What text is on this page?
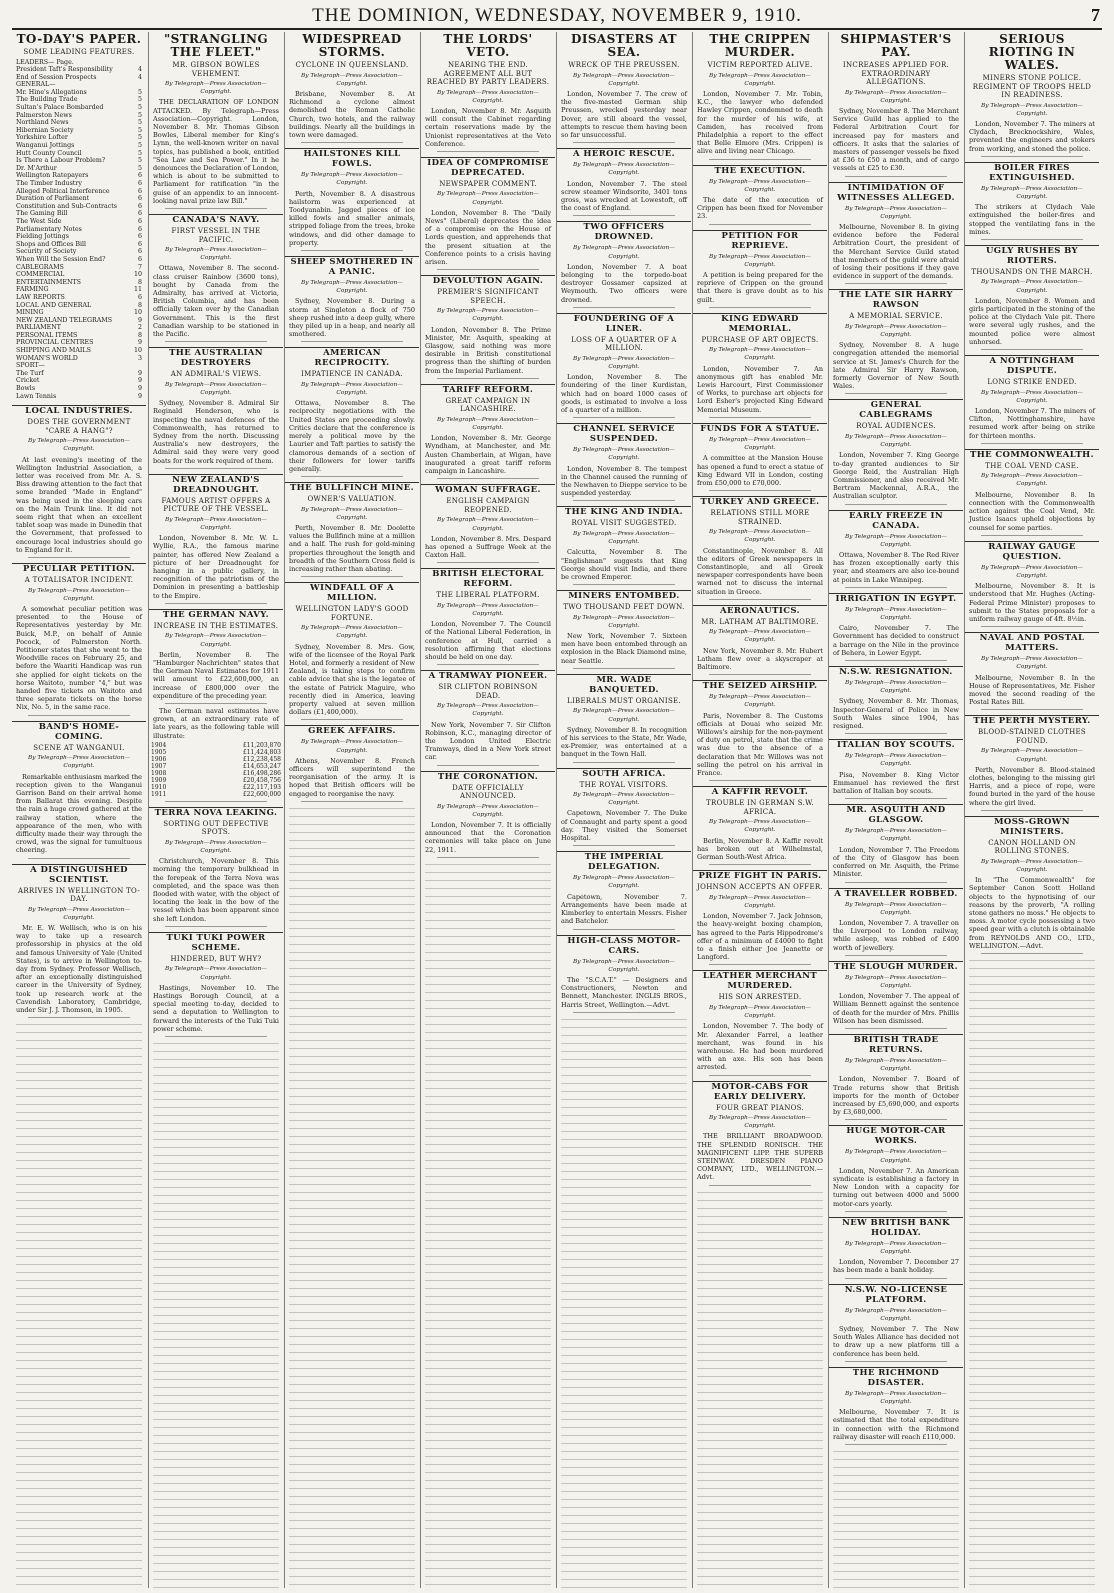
THE DOMINION, WEDNESDAY, NOVEMBER 9, 1910.	7
TO-DAY'S PAPER.
SOME LEADING FEATURES.
LEADERS— Page.
President Taft's Responsibility	4
End of Session Prospects	4
GENERAL—
Mr. Hine's Allegations	5
The Building Trade	5
Sultan's Palace Bombarded	5
Palmerston News	5
Northland News	5
Hibernian Society	5
Yorkshire Lofter	5
Wanganui Jottings	5
Hutt County Council	5
Is There a Labour Problem?	5
Dr. M'Arthur	5
Wellington Ratepayers	6
The Timber Industry	6
Alleged Political Interference	6
Duration of Parliament	6
Constitution and Sub-Contracts	6
The Gaming Bill	6
The West Side	6
Parliamentary Notes	6
Fielding Jottings	6
Shops and Offices Bill	6
Security of Society	6
When Will the Session End?	6
CABLEGRAMS	7
COMMERCIAL	10
ENTERTAINMENTS	8
FARMING	11
LAW REPORTS	6
LOCAL AND GENERAL	8
MINING	10
NEW ZEALAND TELEGRAMS	9
PARLIAMENT	2
PERSONAL ITEMS	8
PROVINCIAL CENTRES	9
SHIPPING AND MAILS	10
WOMAN'S WORLD	3
SPORT—
The Turf	9
Cricket	9
Bowls	9
Lawn Tennis	9
LOCAL INDUSTRIES.
DOES THE GOVERNMENT "CARE A HANG"?

By Telegraph—Press Association—Copyright.

At last evening's meeting of the Wellington Industrial Association, a letter was received from Mr. A. S. Biss drawing attention to the fact that some branded "Made in England" was being used in the sleeping cars on the Main Trunk line. It did not seem right that when an excellent tablet soap was made in Dunedin that the Government, that professed to encourage local industries should go to England for it.

PECULIAR PETITION.
A TOTALISATOR INCIDENT.

By Telegraph—Press Association—Copyright.

A somewhat peculiar petition was presented to the House of Representatives yesterday by Mr. Buick, M.P., on behalf of Annie Pocock, of Palmerston North. Petitioner states that she went to the Woodville races on February 25, and before the Waariti Handicap was run she applied for eight tickets on the horse Waitoto, number "4," but was handed five tickets on Waitoto and three separate tickets on the horse Nix, No. 5, in the same race.

BAND'S HOME-COMING.
SCENE AT WANGANUI.

By Telegraph—Press Association—Copyright.

Remarkable enthusiasm marked the reception given to the Wanganui Garrison Band on their arrival home from Ballarat this evening. Despite the rain a huge crowd gathered at the railway station, where the appearance of the men, who with difficulty made their way through the crowd, was the signal for tumultuous cheering.

A DISTINGUISHED SCIENTIST.
ARRIVES IN WELLINGTON TO-DAY.

By Telegraph—Press Association—Copyright.

Mr. E. W. Wellisch, who is on his way to take up a research professorship in physics at the old and famous University of Yale (United States), is to arrive in Wellington to-day from Sydney. Professor Wellisch, after an exceptionally distinguished career in the University of Sydney, took up research work at the Cavendish Laboratory, Cambridge, under Sir J. J. Thomson, in 1905.

"STRANGLING THE FLEET."
MR. GIBSON BOWLES VEHEMENT.

By Telegraph—Press Association—Copyright.

THE DECLARATION OF LONDON ATTACKED. By Telegraph—Press Association—Copyright. London, November 8. Mr. Thomas Gibson Bowles, Liberal member for King's Lynn, the well-known writer on naval topics, has published a book, entitled "Sea Law and Sea Power." In it he denounces the Declaration of London, which is about to be submitted to Parliament for ratification "in the guise of an appendix to an innocent-looking naval prize law Bill."

CANADA'S NAVY.
FIRST VESSEL IN THE PACIFIC.

By Telegraph—Press Association—Copyright.

Ottawa, November 8. The second-class cruiser Rainbow (3600 tons), bought by Canada from the Admiralty, has arrived at Victoria, British Columbia, and has been officially taken over by the Canadian Government. This is the first Canadian warship to be stationed in the Pacific.

THE AUSTRALIAN DESTROYERS
AN ADMIRAL'S VIEWS.

By Telegraph—Press Association—Copyright.

Sydney, November 8. Admiral Sir Reginald Henderson, who is inspecting the naval defences of the Commonwealth, has returned to Sydney from the north. Discussing Australia's new destroyers, the Admiral said they were very good boats for the work required of them.

NEW ZEALAND'S DREADNOUGHT.
FAMOUS ARTIST OFFERS A PICTURE OF THE VESSEL.

By Telegraph—Press Association—Copyright.

London, November 8. Mr. W. L. Wyllie, R.A., the famous marine painter, has offered New Zealand a picture of her Dreadnought for hanging in a public gallery, in recognition of the patriotism of the Dominion in presenting a battleship to the Empire.

THE GERMAN NAVY.
INCREASE IN THE ESTIMATES.

By Telegraph—Press Association—Copyright.

Berlin, November 8. The "Hamburger Nachrichten" states that the German Naval Estimates for 1911 will amount to £22,600,000, an increase of £800,000 over the expenditure of the preceding year.

The German naval estimates have grown, at an extraordinary rate of late years, as the following table will illustrate:

1904	£11,203,870
1905	£11,424,803
1906	£12,238,458
1907	£14,653,247
1908	£16,498,286
1909	£20,458,756
1910	£22,117,193
1911	£22,600,000
TERRA NOVA LEAKING.
SORTING OUT DEFECTIVE SPOTS.

By Telegraph—Press Association—Copyright.

Christchurch, November 8. This morning the temporary bulkhead in the forepeak of the Terra Nova was completed, and the space was then flooded with water, with the object of locating the leak in the bow of the vessel which has been apparent since she left London.

TUKI TUKI POWER SCHEME.
HINDERED, BUT WHY?

By Telegraph—Press Association—Copyright.

Hastings, November 10. The Hastings Borough Council, at a special meeting to-day, decided to send a deputation to Wellington to forward the interests of the Tuki Tuki power scheme.

WIDESPREAD STORMS.
CYCLONE IN QUEENSLAND.

By Telegraph—Press Association—Copyright.

Brisbane, November 8. At Richmond a cyclone almost demolished the Roman Catholic Church, two hotels, and the railway buildings. Nearly all the buildings in town were damaged.

HAILSTONES KILL FOWLS.

By Telegraph—Press Association—Copyright.

Perth, November 8. A disastrous hailstorm was experienced at Toodyanabin. Jagged pieces of ice killed fowls and smaller animals, stripped foliage from the trees, broke windows, and did other damage to property.

SHEEP SMOTHERED IN A PANIC.

By Telegraph—Press Association—Copyright.

Sydney, November 8. During a storm at Singleton a flock of 750 sheep rushed into a deep gully, where they piled up in a heap, and nearly all smothered.

AMERICAN RECIPROCITY.
IMPATIENCE IN CANADA.

By Telegraph—Press Association—Copyright.

Ottawa, November 8. The reciprocity negotiations with the United States are proceeding slowly. Critics declare that the conference is merely a political move by the Laurier and Taft parties to satisfy the clamorous demands of a section of their followers for lower tariffs generally.

THE BULLFINCH MINE.
OWNER'S VALUATION.

By Telegraph—Press Association—Copyright.

Perth, November 8. Mr. Doolette values the Bullfinch mine at a million and a half. The rush for gold-mining properties throughout the length and breadth of the Southern Cross field is increasing rather than abating.

WINDFALL OF A MILLION.
WELLINGTON LADY'S GOOD FORTUNE.

By Telegraph—Press Association—Copyright.

Sydney, November 8. Mrs. Gow, wife of the licensee of the Royal Park Hotel, and formerly a resident of New Zealand, is taking steps to confirm cable advice that she is the legatee of the estate of Patrick Maguire, who recently died in America, leaving property valued at seven million dollars (£1,400,000).

GREEK AFFAIRS.

By Telegraph—Press Association—Copyright.

Athens, November 8. French officers will superintend the reorganisation of the army. It is hoped that British officers will be engaged to reorganise the navy.

THE LORDS' VETO.
NEARING THE END. AGREEMENT ALL BUT REACHED BY PARTY LEADERS.

By Telegraph—Press Association—Copyright.

London, November 8. Mr. Asquith will consult the Cabinet regarding certain reservations made by the Unionist representatives at the Veto Conference.

IDEA OF COMPROMISE DEPRECATED.
NEWSPAPER COMMENT.

By Telegraph—Press Association—Copyright.

London, November 8. The "Daily News" (Liberal) deprecates the idea of a compromise on the House of Lords question, and apprehends that the present situation at the Conference points to a crisis having arisen.

DEVOLUTION AGAIN.
PREMIER'S SIGNIFICANT SPEECH.

By Telegraph—Press Association—Copyright.

London, November 8. The Prime Minister, Mr. Asquith, speaking at Glasgow, said nothing was more desirable in British constitutional progress than the shifting of burden from the Imperial Parliament.

TARIFF REFORM.
GREAT CAMPAIGN IN LANCASHIRE.

By Telegraph—Press Association—Copyright.

London, November 8. Mr. George Wyndham, at Manchester, and Mr. Austen Chamberlain, at Wigan, have inaugurated a great tariff reform campaign in Lancashire.

WOMAN SUFFRAGE.
ENGLISH CAMPAIGN REOPENED.

By Telegraph—Press Association—Copyright.

London, November 8. Mrs. Despard has opened a Suffrage Week at the Caxton Hall.

BRITISH ELECTORAL REFORM.
THE LIBERAL PLATFORM.

By Telegraph—Press Association—Copyright.

London, November 7. The Council of the National Liberal Federation, in conference at Hull, carried a resolution affirming that elections should be held on one day.

A TRAMWAY PIONEER.
SIR CLIFTON ROBINSON DEAD.

By Telegraph—Press Association—Copyright.

New York, November 7. Sir Clifton Robinson, K.C., managing director of the London United Electric Tramways, died in a New York street car.

THE CORONATION.
DATE OFFICIALLY ANNOUNCED.

By Telegraph—Press Association—Copyright.

London, November 7. It is officially announced that the Coronation ceremonies will take place on June 22, 1911.

DISASTERS AT SEA.
WRECK OF THE PREUSSEN.

By Telegraph—Press Association—Copyright.

London, November 7. The crew of the five-masted German ship Preussen, wrecked yesterday near Dover, are still aboard the vessel, attempts to rescue them having been so far unsuccessful.

A HEROIC RESCUE.

By Telegraph—Press Association—Copyright.

London, November 7. The steel screw steamer Windsorite, 3401 tons gross, was wrecked at Lowestoft, off the coast of England.

TWO OFFICERS DROWNED.

By Telegraph—Press Association—Copyright.

London, November 7. A boat belonging to the torpedo-boat destroyer Gossamer capsized at Weymouth. Two officers were drowned.

FOUNDERING OF A LINER.
LOSS OF A QUARTER OF A MILLION.

By Telegraph—Press Association—Copyright.

London, November 8. The foundering of the liner Kurdistan, which had on board 1000 cases of goods, is estimated to involve a loss of a quarter of a million.

CHANNEL SERVICE SUSPENDED.

By Telegraph—Press Association—Copyright.

London, November 8. The tempest in the Channel caused the running of the Newhaven to Dieppe service to be suspended yesterday.

THE KING AND INDIA.
ROYAL VISIT SUGGESTED.

By Telegraph—Press Association—Copyright.

Calcutta, November 8. The "Englishman" suggests that King George should visit India, and there be crowned Emperor.

MINERS ENTOMBED.
TWO THOUSAND FEET DOWN.

By Telegraph—Press Association—Copyright.

New York, November 7. Sixteen men have been entombed through an explosion in the Black Diamond mine, near Seattle.

MR. WADE BANQUETED.
LIBERALS MUST ORGANISE.

By Telegraph—Press Association—Copyright.

Sydney, November 8. In recognition of his services to the State, Mr. Wade, ex-Premier, was entertained at a banquet in the Town Hall.

SOUTH AFRICA.
THE ROYAL VISITORS.

By Telegraph—Press Association—Copyright.

Capetown, November 7. The Duke of Connaught and party spent a good day. They visited the Somerset Hospital.

THE IMPERIAL DELEGATION.

By Telegraph—Press Association—Copyright.

Capetown, November 7. Arrangements have been made at Kimberley to entertain Messrs. Fisher and Batchelor.

HIGH-CLASS MOTOR-CARS.

By Telegraph—Press Association—Copyright.

The "S.C.A.T." — Designers and Constructioners, Newton and Bennett, Manchester. INGLIS BROS., Harris Street, Wellington.—Advt.

THE CRIPPEN MURDER.
VICTIM REPORTED ALIVE.

By Telegraph—Press Association—Copyright.

London, November 7. Mr. Tobin, K.C., the lawyer who defended Hawley Crippen, condemned to death for the murder of his wife, at Camden, has received from Philadelphia a report to the effect that Belle Elmore (Mrs. Crippen) is alive and living near Chicago.

THE EXECUTION.

By Telegraph—Press Association—Copyright.

The date of the execution of Crippen has been fixed for November 23.

PETITION FOR REPRIEVE.

By Telegraph—Press Association—Copyright.

A petition is being prepared for the reprieve of Crippen on the ground that there is grave doubt as to his guilt.

KING EDWARD MEMORIAL.
PURCHASE OF ART OBJECTS.

By Telegraph—Press Association—Copyright.

London, November 7. An anonymous gift has enabled Mr. Lewis Harcourt, First Commissioner of Works, to purchase art objects for Lord Esher's projected King Edward Memorial Museum.

FUNDS FOR A STATUE.

By Telegraph—Press Association—Copyright.

A committee at the Mansion House has opened a fund to erect a statue of King Edward VII in London, costing from £50,000 to £70,000.

TURKEY AND GREECE.
RELATIONS STILL MORE STRAINED.

By Telegraph—Press Association—Copyright.

Constantinople, November 8. All the editors of Greek newspapers in Constantinople, and all Greek newspaper correspondents have been warned not to discuss the internal situation in Greece.

AERONAUTICS.
MR. LATHAM AT BALTIMORE.

By Telegraph—Press Association—Copyright.

New York, November 8. Mr. Hubert Latham flew over a skyscraper at Baltimore.

THE SEIZED AIRSHIP.

By Telegraph—Press Association—Copyright.

Paris, November 8. The Customs officials at Douai who seized Mr. Willows's airship for the non-payment of duty on petrol, state that the crime was due to the absence of a declaration that Mr. Willows was not selling the petrol on his arrival in France.

A KAFFIR REVOLT.
TROUBLE IN GERMAN S.W. AFRICA.

By Telegraph—Press Association—Copyright.

Berlin, November 8. A Kaffir revolt has broken out at Wilhelmstal, German South-West Africa.

PRIZE FIGHT IN PARIS.
JOHNSON ACCEPTS AN OFFER.

By Telegraph—Press Association—Copyright.

London, November 7. Jack Johnson, the heavy-weight boxing champion, has agreed to the Paris Hippodrome's offer of a minimum of £4000 to fight to a finish either Joe Jeanette or Langford.

LEATHER MERCHANT MURDERED.
HIS SON ARRESTED.

By Telegraph—Press Association—Copyright.

London, November 7. The body of Mr. Alexander Farrel, a leather merchant, was found in his warehouse. He had been murdered with an axe. His son has been arrested.

MOTOR-CABS FOR EARLY DELIVERY.
FOUR GREAT PIANOS.

By Telegraph—Press Association—Copyright.

THE BRILLIANT BROADWOOD. THE SPLENDID RONISCH. THE MAGNIFICENT LIPP. THE SUPERB STEINWAY. DRESDEN PIANO COMPANY, LTD., WELLINGTON.—Advt.

SHIPMASTER'S PAY.
INCREASES APPLIED FOR. EXTRAORDINARY ALLEGATIONS.

By Telegraph—Press Association—Copyright.

Sydney, November 8. The Merchant Service Guild has applied to the Federal Arbitration Court for increased pay for masters and officers. It asks that the salaries of masters of passenger vessels be fixed at £36 to £50 a month, and of cargo vessels at £25 to £30.

INTIMIDATION OF WITNESSES ALLEGED.

By Telegraph—Press Association—Copyright.

Melbourne, November 8. In giving evidence before the Federal Arbitration Court, the president of the Merchant Service Guild stated that members of the guild were afraid of losing their positions if they gave evidence in support of the demands.

THE LATE SIR HARRY RAWSON
A MEMORIAL SERVICE.

By Telegraph—Press Association—Copyright.

Sydney, November 8. A huge congregation attended the memorial service at St. James's Church for the late Admiral Sir Harry Rawson, formerly Governor of New South Wales.

GENERAL CABLEGRAMS
ROYAL AUDIENCES.

By Telegraph—Press Association—Copyright.

London, November 7. King George to-day granted audiences to Sir George Reid, the Australian High Commissioner, and also received Mr. Bertram Mackennal, A.R.A., the Australian sculptor.

EARLY FREEZE IN CANADA.

By Telegraph—Press Association—Copyright.

Ottawa, November 8. The Red River has frozen exceptionally early this year, and steamers are also ice-bound at points in Lake Winnipeg.

IRRIGATION IN EGYPT.

By Telegraph—Press Association—Copyright.

Cairo, November 7. The Government has decided to construct a barrage on the Nile in the province of Behera, in Lower Egypt.

N.S.W. RESIGNATION.

By Telegraph—Press Association—Copyright.

Sydney, November 8. Mr. Thomas, Inspector-General of Police in New South Wales since 1904, has resigned.

ITALIAN BOY SCOUTS.

By Telegraph—Press Association—Copyright.

Pisa, November 8. King Victor Emmanuel has reviewed the first battalion of Italian boy scouts.

MR. ASQUITH AND GLASGOW.

By Telegraph—Press Association—Copyright.

London, November 7. The Freedom of the City of Glasgow has been conferred on Mr. Asquith, the Prime Minister.

A TRAVELLER ROBBED.

By Telegraph—Press Association—Copyright.

London, November 7. A traveller on the Liverpool to London railway, while asleep, was robbed of £400 worth of jewellery.

THE SLOUGH MURDER.

By Telegraph—Press Association—Copyright.

London, November 7. The appeal of William Bennett against the sentence of death for the murder of Mrs. Phillis Wilson has been dismissed.

BRITISH TRADE RETURNS.

By Telegraph—Press Association—Copyright.

London, November 7. Board of Trade returns show that British imports for the month of October increased by £5,690,000, and exports by £3,680,000.

HUGE MOTOR-CAR WORKS.

By Telegraph—Press Association—Copyright.

London, November 7. An American syndicate is establishing a factory in New London with a capacity for turning out between 4000 and 5000 motor-cars yearly.

NEW BRITISH BANK HOLIDAY.

By Telegraph—Press Association—Copyright.

London, November 7. December 27 has been made a bank holiday.

N.S.W. NO-LICENSE PLATFORM.

By Telegraph—Press Association—Copyright.

Sydney, November 7. The New South Wales Alliance has decided not to draw up a new platform till a conference has been held.

THE RICHMOND DISASTER.

By Telegraph—Press Association—Copyright.

Melbourne, November 7. It is estimated that the total expenditure in connection with the Richmond railway disaster will reach £110,000.

SERIOUS RIOTING IN WALES.
MINERS STONE POLICE. REGIMENT OF TROOPS HELD IN READINESS.

By Telegraph—Press Association—Copyright.

London, November 7. The miners at Clydach, Brecknockshire, Wales, prevented the engineers and stokers from working, and stoned the police.

BOILER FIRES EXTINGUISHED.

By Telegraph—Press Association—Copyright.

The strikers at Clydach Vale extinguished the boiler-fires and stopped the ventilating fans in the mines.

UGLY RUSHES BY RIOTERS.
THOUSANDS ON THE MARCH.

By Telegraph—Press Association—Copyright.

London, November 8. Women and girls participated in the stoning of the police at the Clydach Vale pit. There were several ugly rushes, and the mounted police were almost unhorsed.

A NOTTINGHAM DISPUTE.
LONG STRIKE ENDED.

By Telegraph—Press Association—Copyright.

London, November 7. The miners of Clifton, Nottinghamshire, have resumed work after being on strike for thirteen months.

THE COMMONWEALTH.
THE COAL VEND CASE.

By Telegraph—Press Association—Copyright.

Melbourne, November 8. In connection with the Commonwealth action against the Coal Vend, Mr. Justice Isaacs upheld objections by counsel for some parties.

RAILWAY GAUGE QUESTION.

By Telegraph—Press Association—Copyright.

Melbourne, November 8. It is understood that Mr. Hughes (Acting-Federal Prime Minister) proposes to submit to the States proposals for a uniform railway gauge of 4ft. 8½in.

NAVAL AND POSTAL MATTERS.

By Telegraph—Press Association—Copyright.

Melbourne, November 8. In the House of Representatives, Mr. Fisher moved the second reading of the Postal Rates Bill.

THE PERTH MYSTERY.
BLOOD-STAINED CLOTHES FOUND.

By Telegraph—Press Association—Copyright.

Perth, November 8. Blood-stained clothes, belonging to the missing girl Harris, and a piece of rope, were found buried in the yard of the house where the girl lived.

MOSS-GROWN MINISTERS.
CANON HOLLAND ON ROLLING STONES.

By Telegraph—Press Association—Copyright.

In "The Commonwealth" for September Canon Scott Holland objects to the hypnotising of our reasons by the proverb, "A rolling stone gathers no moss." He objects to moss. A motor cycle possessing a two speed gear with a clutch is obtainable from REYNOLDS AND CO., LTD., WELLINGTON.—Advt.
